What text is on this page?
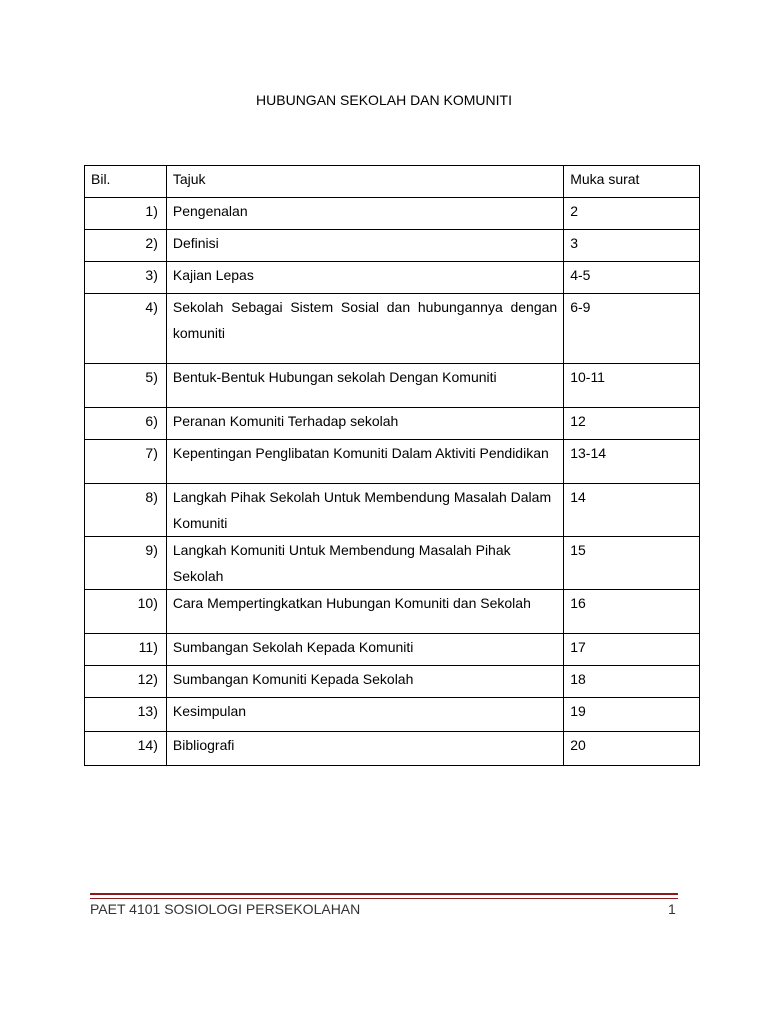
HUBUNGAN SEKOLAH DAN KOMUNITI
Bil.	Tajuk	Muka surat
1)	Pengenalan	2
2)	Definisi	3
3)	Kajian Lepas	4-5
4)	Sekolah Sebagai Sistem Sosial dan hubungannya dengan komuniti	6-9
5)	Bentuk-Bentuk Hubungan sekolah Dengan Komuniti	10-11
6)	Peranan Komuniti Terhadap sekolah	12
7)	Kepentingan Penglibatan Komuniti Dalam Aktiviti Pendidikan	13-14
8)	Langkah Pihak Sekolah Untuk Membendung Masalah Dalam Komuniti	14
9)	Langkah Komuniti Untuk Membendung Masalah Pihak Sekolah	15
10)	Cara Mempertingkatkan Hubungan Komuniti dan Sekolah	16
11)	Sumbangan Sekolah Kepada Komuniti	17
12)	Sumbangan Komuniti Kepada Sekolah	18
13)	Kesimpulan	19
14)	Bibliografi	20
PAET 4101 SOSIOLOGI PERSEKOLAHAN	1
